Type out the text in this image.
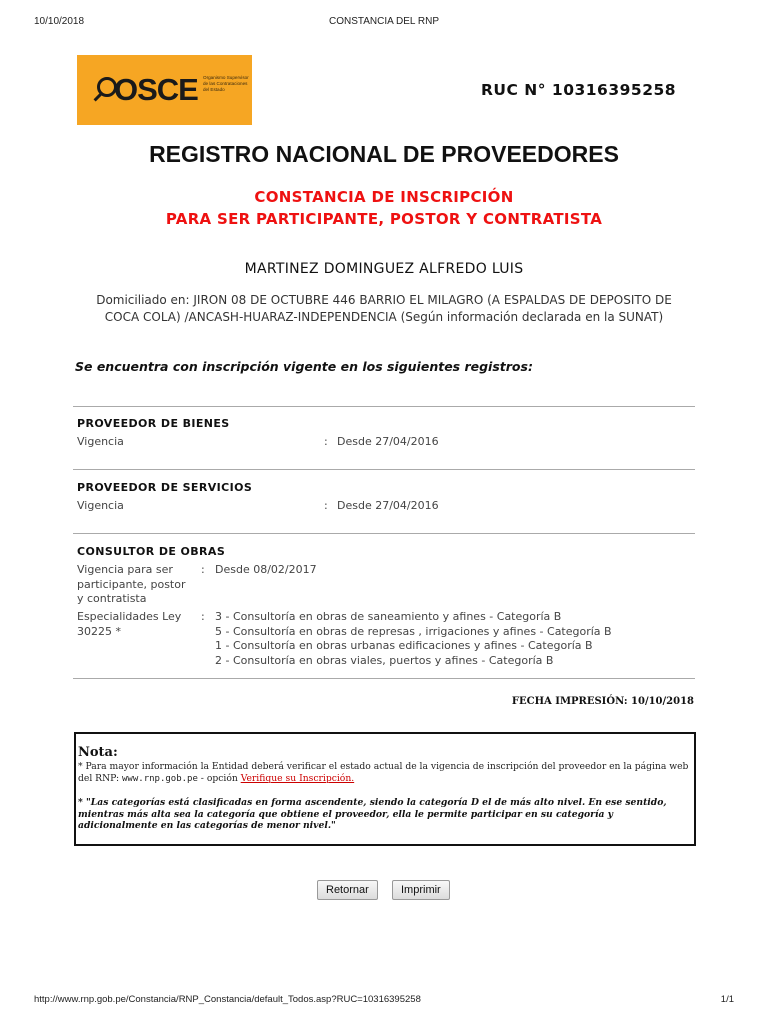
10/10/2018	CONSTANCIA DEL RNP
OSCE Organismo Supervisor de las Contrataciones del Estado	RUC N° 10316395258
REGISTRO NACIONAL DE PROVEEDORES
CONSTANCIA DE INSCRIPCIÓN
PARA SER PARTICIPANTE, POSTOR Y CONTRATISTA
MARTINEZ DOMINGUEZ ALFREDO LUIS
Domiciliado en: JIRON 08 DE OCTUBRE 446 BARRIO EL MILAGRO (A ESPALDAS DE DEPOSITO DE COCA COLA) /ANCASH-HUARAZ-INDEPENDENCIA (Según información declarada en la SUNAT)
Se encuentra con inscripción vigente en los siguientes registros:
PROVEEDOR DE BIENES
Vigencia	: Desde 27/04/2016
PROVEEDOR DE SERVICIOS
Vigencia	: Desde 27/04/2016
CONSULTOR DE OBRAS
Vigencia para ser
participante, postor
y contratista
: Desde 08/02/2017
Especialidades Ley
30225 *
: 3 - Consultoría en obras de saneamiento y afines - Categoría B
5 - Consultoría en obras de represas , irrigaciones y afines - Categoría B
1 - Consultoría en obras urbanas edificaciones y afines - Categoría B
2 - Consultoría en obras viales, puertos y afines - Categoría B
FECHA IMPRESIÓN: 10/10/2018
Nota:
* Para mayor información la Entidad deberá verificar el estado actual de la vigencia de inscripción del proveedor en la página web del RNP: www.rnp.gob.pe - opción Verifique su Inscripción.
* "Las categorías está clasificadas en forma ascendente, siendo la categoría D el de más alto nivel. En ese sentido, mientras más alta sea la categoría que obtiene el proveedor, ella le permite participar en su categoría y adicionalmente en las categorías de menor nivel."
Retornar	Imprimir
http://www.rnp.gob.pe/Constancia/RNP_Constancia/default_Todos.asp?RUC=10316395258	1/1
